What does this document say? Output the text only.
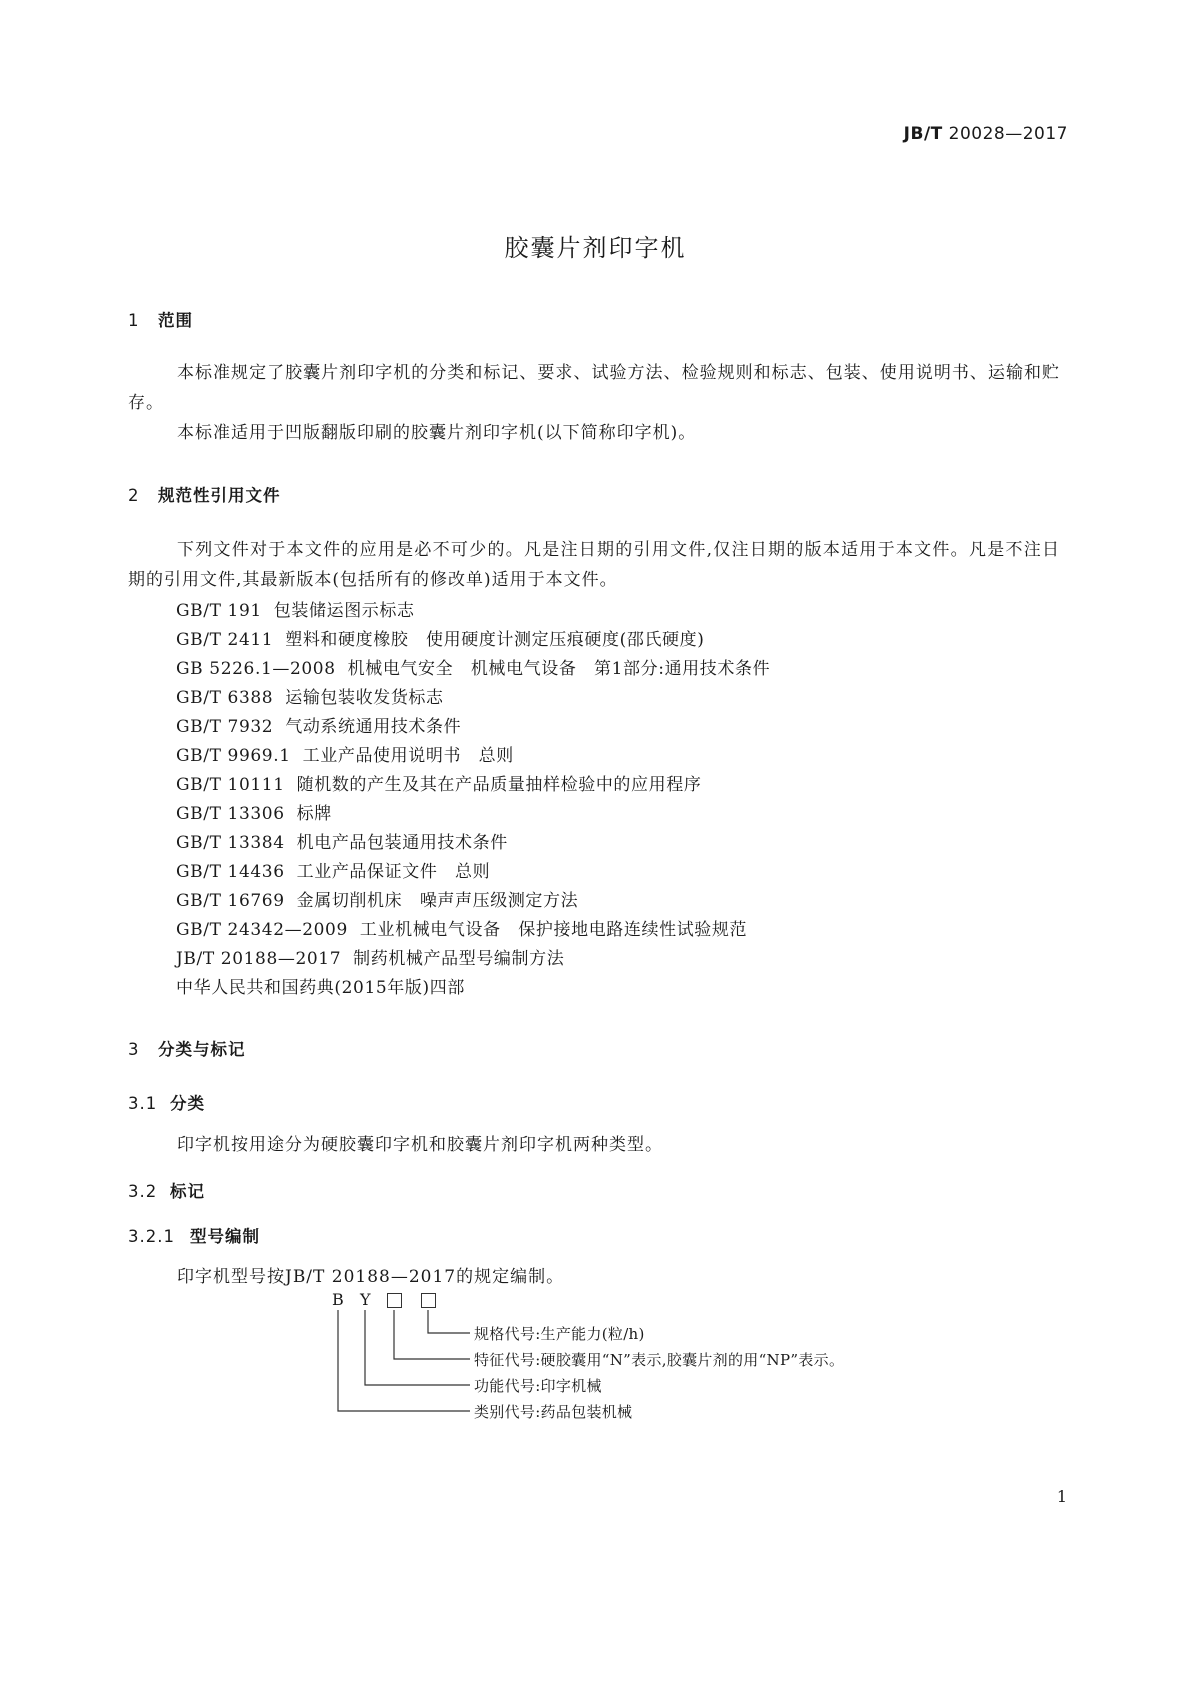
JB/T 20028—2017
胶囊片剂印字机
1 范围
本标准规定了胶囊片剂印字机的分类和标记、要求、试验方法、检验规则和标志、包装、使用说明书、运输和贮存。
本标准适用于凹版翻版印刷的胶囊片剂印字机(以下简称印字机)。
2 规范性引用文件
下列文件对于本文件的应用是必不可少的。凡是注日期的引用文件,仅注日期的版本适用于本文件。凡是不注日期的引用文件,其最新版本(包括所有的修改单)适用于本文件。
GB/T 191 包装储运图示标志
GB/T 2411 塑料和硬度橡胶　使用硬度计测定压痕硬度(邵氏硬度)
GB 5226.1—2008 机械电气安全　机械电气设备　第1部分:通用技术条件
GB/T 6388 运输包装收发货标志
GB/T 7932 气动系统通用技术条件
GB/T 9969.1 工业产品使用说明书　总则
GB/T 10111 随机数的产生及其在产品质量抽样检验中的应用程序
GB/T 13306 标牌
GB/T 13384 机电产品包装通用技术条件
GB/T 14436 工业产品保证文件　总则
GB/T 16769 金属切削机床　噪声声压级测定方法
GB/T 24342—2009 工业机械电气设备　保护接地电路连续性试验规范
JB/T 20188—2017 制药机械产品型号编制方法
中华人民共和国药典(2015年版)四部
3 分类与标记
3.1 分类
印字机按用途分为硬胶囊印字机和胶囊片剂印字机两种类型。
3.2 标记
3.2.1 型号编制
印字机型号按JB/T 20188—2017的规定编制。
B Y
规格代号:生产能力(粒/h)
特征代号:硬胶囊用“N”表示,胶囊片剂的用“NP”表示。
功能代号:印字机械
类别代号:药品包装机械
1
